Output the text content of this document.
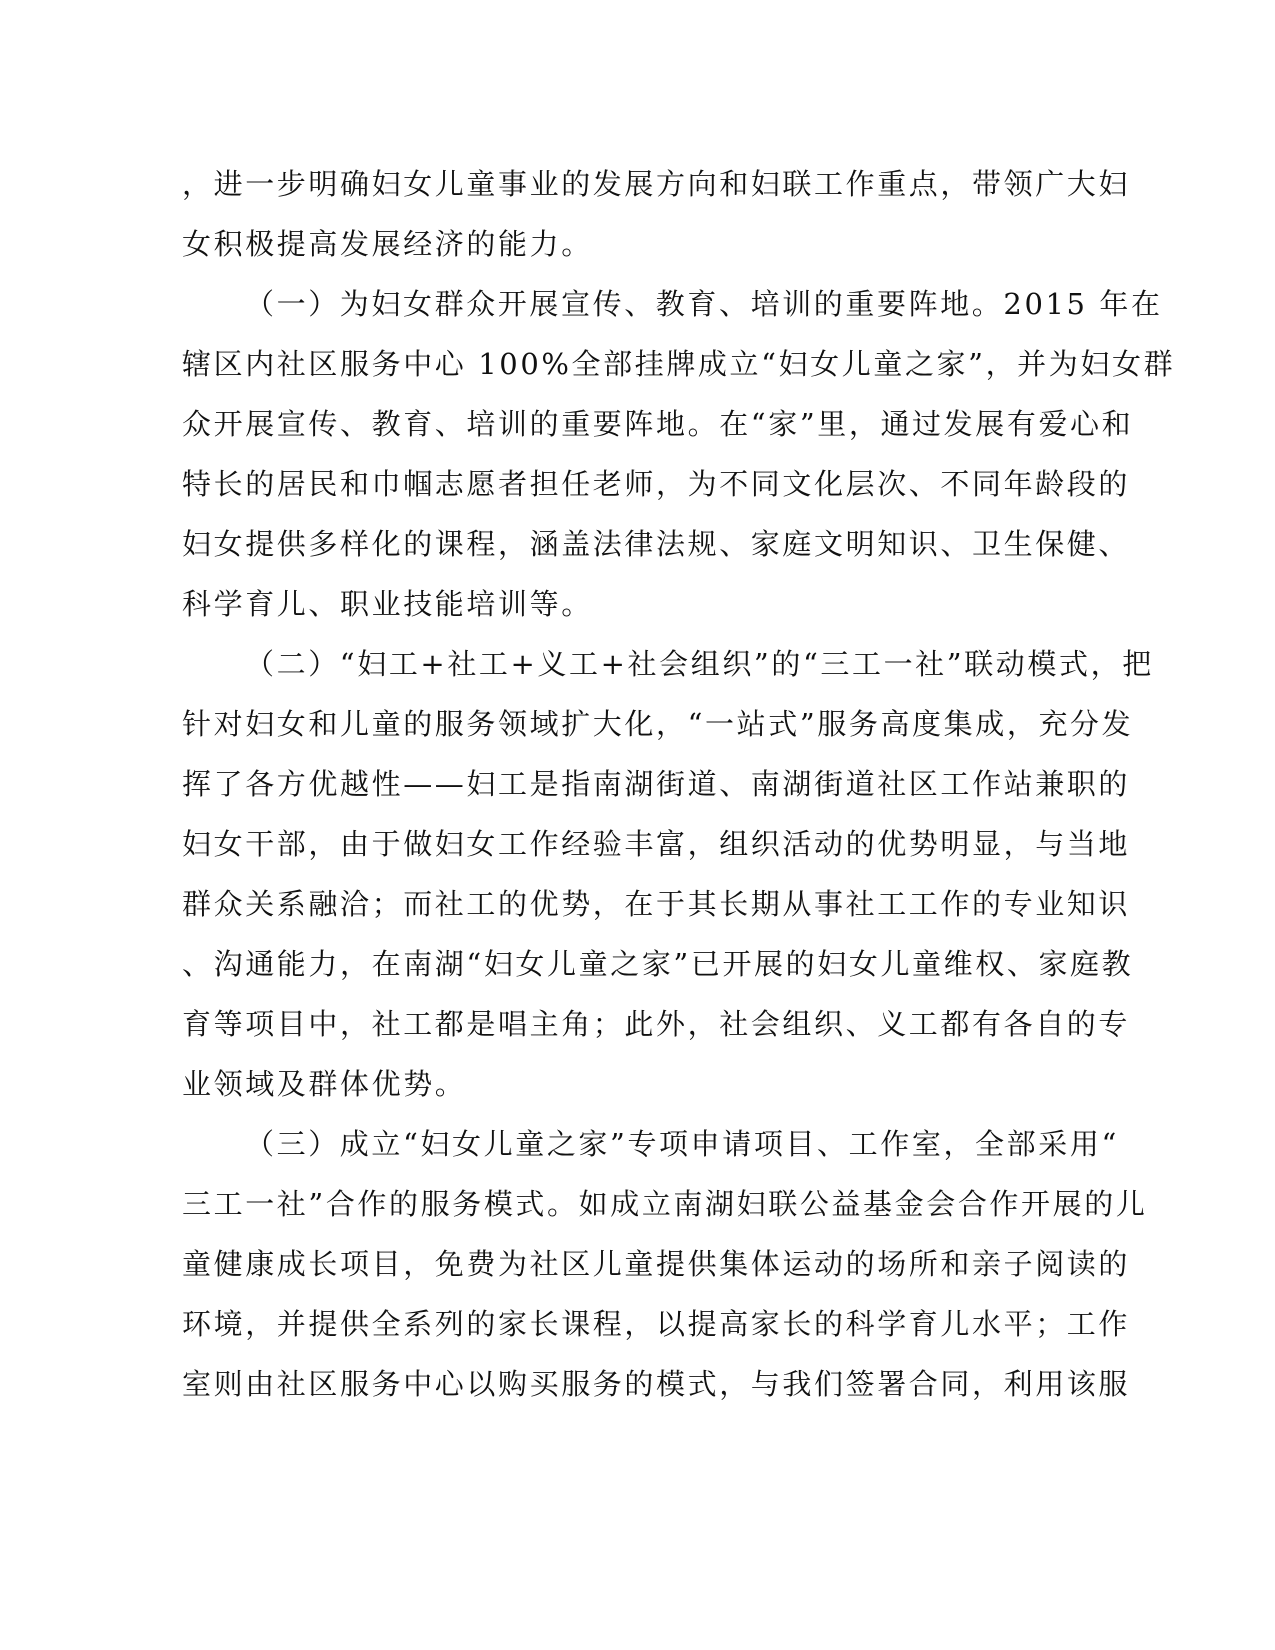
，进一步明确妇女儿童事业的发展方向和妇联工作重点，带领广大妇
女积极提高发展经济的能力。
（一）为妇女群众开展宣传、教育、培训的重要阵地。2015 年在
辖区内社区服务中心 100%全部挂牌成立“妇女儿童之家”，并为妇女群
众开展宣传、教育、培训的重要阵地。在“家”里，通过发展有爱心和
特长的居民和巾帼志愿者担任老师，为不同文化层次、不同年龄段的
妇女提供多样化的课程，涵盖法律法规、家庭文明知识、卫生保健、
科学育儿、职业技能培训等。
（二）“妇工+社工+义工+社会组织”的“三工一社”联动模式，把
针对妇女和儿童的服务领域扩大化，“一站式”服务高度集成，充分发
挥了各方优越性——妇工是指南湖街道、南湖街道社区工作站兼职的
妇女干部，由于做妇女工作经验丰富，组织活动的优势明显，与当地
群众关系融洽；而社工的优势，在于其长期从事社工工作的专业知识
、沟通能力，在南湖“妇女儿童之家”已开展的妇女儿童维权、家庭教
育等项目中，社工都是唱主角；此外，社会组织、义工都有各自的专
业领域及群体优势。
（三）成立“妇女儿童之家”专项申请项目、工作室，全部采用“
三工一社”合作的服务模式。如成立南湖妇联公益基金会合作开展的儿
童健康成长项目，免费为社区儿童提供集体运动的场所和亲子阅读的
环境，并提供全系列的家长课程，以提高家长的科学育儿水平；工作
室则由社区服务中心以购买服务的模式，与我们签署合同，利用该服
